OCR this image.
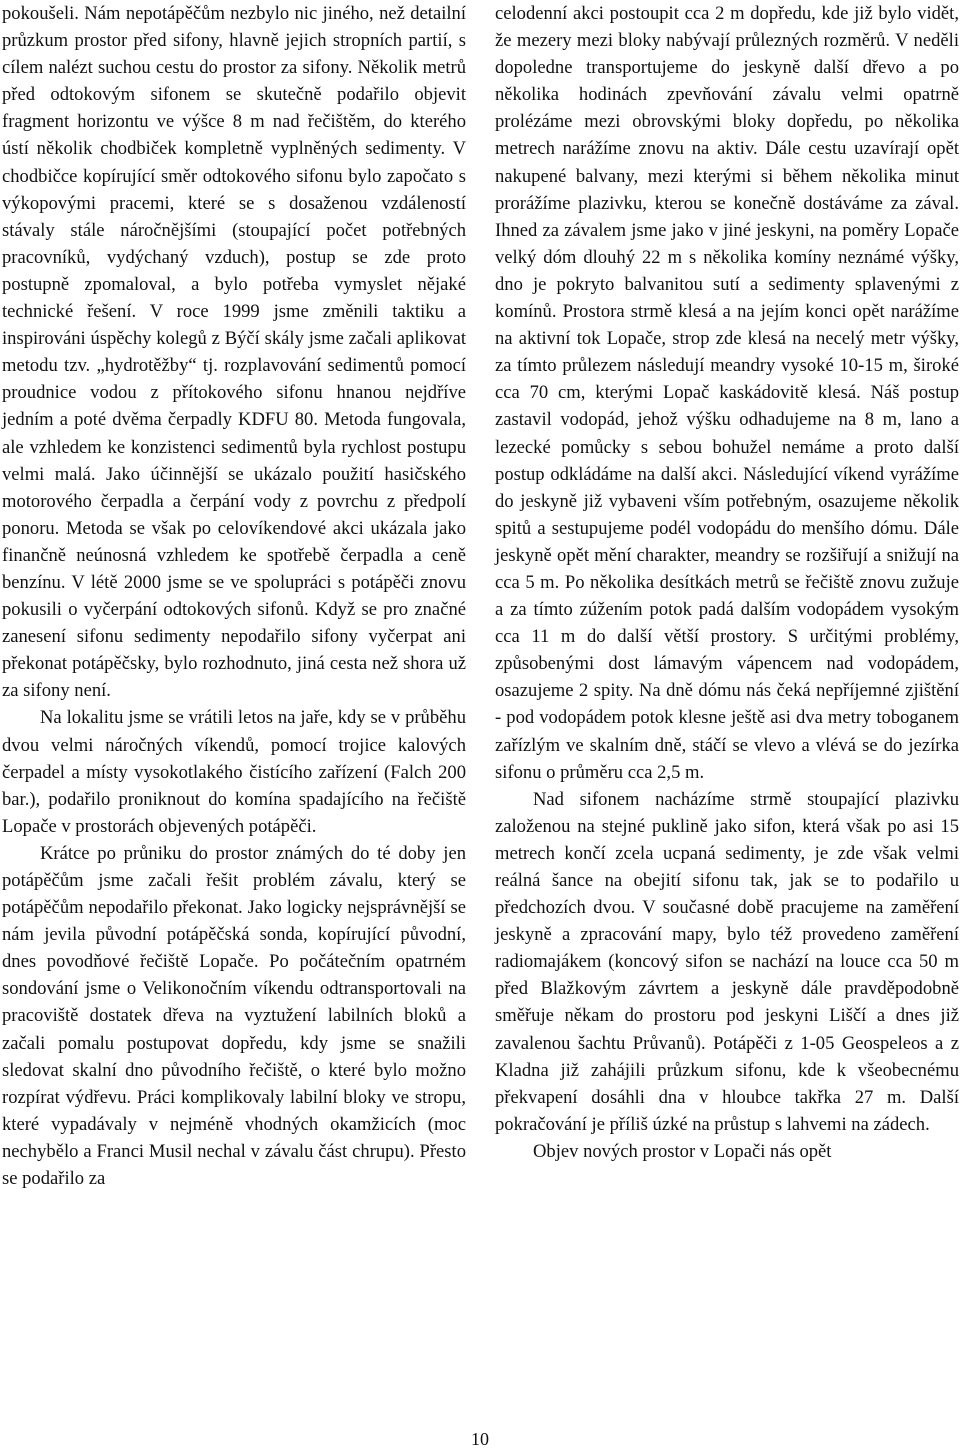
pokoušeli. Nám nepotápěčům nezbylo nic jiného, než detailní průzkum prostor před sifony, hlavně jejich stropních partií, s cílem nalézt suchou cestu do prostor za sifony. Několik metrů před odtokovým sifonem se skutečně podařilo objevit fragment horizontu ve výšce 8 m nad řečištěm, do kterého ústí několik chodbiček kompletně vyplněných sedimenty. V chodbičce kopírující směr odtokového sifonu bylo započato s výkopovými pracemi, které se s dosaženou vzdáleností stávaly stále náročnějšími (stoupající počet potřebných pracovníků, vydýchaný vzduch), postup se zde proto postupně zpomaloval, a bylo potřeba vymyslet nějaké technické řešení. V roce 1999 jsme změnili taktiku a inspirováni úspěchy kolegů z Býčí skály jsme začali aplikovat metodu tzv. „hydrotěžby“ tj. rozplavování sedimentů pomocí proudnice vodou z přítokového sifonu hnanou nejdříve jedním a poté dvěma čerpadly KDFU 80. Metoda fungovala, ale vzhledem ke konzistenci sedimentů byla rychlost postupu velmi malá. Jako účinnější se ukázalo použití hasičského motorového čerpadla a čerpání vody z povrchu z předpolí ponoru. Metoda se však po celovíkendové akci ukázala jako finančně neúnosná vzhledem ke spotřebě čerpadla a ceně benzínu. V létě 2000 jsme se ve spolupráci s potápěči znovu pokusili o vyčerpání odtokových sifonů. Když se pro značné zanesení sifonu sedimenty nepodařilo sifony vyčerpat ani překonat potápěčsky, bylo rozhodnuto, jiná cesta než shora už za sifony není.

Na lokalitu jsme se vrátili letos na jaře, kdy se v průběhu dvou velmi náročných víkendů, pomocí trojice kalových čerpadel a místy vysokotlakého čistícího zařízení (Falch 200 bar.), podařilo proniknout do komína spadajícího na řečiště Lopače v prostorách objevených potápěči.

Krátce po průniku do prostor známých do té doby jen potápěčům jsme začali řešit problém závalu, který se potápěčům nepodařilo překonat. Jako logicky nejsprávnější se nám jevila původní potápěčská sonda, kopírující původní, dnes povodňové řečiště Lopače. Po počátečním opatrném sondování jsme o Velikonočním víkendu odtransportovali na pracoviště dostatek dřeva na vyztužení labilních bloků a začali pomalu postupovat dopředu, kdy jsme se snažili sledovat skalní dno původního řečiště, o které bylo možno rozpírat výdřevu. Práci komplikovaly labilní bloky ve stropu, které vypadávaly v nejméně vhodných okamžicích (moc nechybělo a Franci Musil nechal v závalu část chrupu). Přesto se podařilo za

celodenní akci postoupit cca 2 m dopředu, kde již bylo vidět, že mezery mezi bloky nabývají průlezných rozměrů. V neděli dopoledne transportujeme do jeskyně další dřevo a po několika hodinách zpevňování závalu velmi opatrně prolézáme mezi obrovskými bloky dopředu, po několika metrech narážíme znovu na aktiv. Dále cestu uzavírají opět nakupené balvany, mezi kterými si během několika minut prorážíme plazivku, kterou se konečně dostáváme za zával. Ihned za závalem jsme jako v jiné jeskyni, na poměry Lopače velký dóm dlouhý 22 m s několika komíny neznámé výšky, dno je pokryto balvanitou sutí a sedimenty splavenými z komínů. Prostora strmě klesá a na jejím konci opět narážíme na aktivní tok Lopače, strop zde klesá na necelý metr výšky, za tímto průlezem následují meandry vysoké 10-15 m, široké cca 70 cm, kterými Lopač kaskádovitě klesá. Náš postup zastavil vodopád, jehož výšku odhadujeme na 8 m, lano a lezecké pomůcky s sebou bohužel nemáme a proto další postup odkládáme na další akci. Následující víkend vyrážíme do jeskyně již vybaveni vším potřebným, osazujeme několik spitů a sestupujeme podél vodopádu do menšího dómu. Dále jeskyně opět mění charakter, meandry se rozšiřují a snižují na cca 5 m. Po několika desítkách metrů se řečiště znovu zužuje a za tímto zúžením potok padá dalším vodopádem vysokým cca 11 m do další větší prostory. S určitými problémy, způsobenými dost lámavým vápencem nad vodopádem, osazujeme 2 spity. Na dně dómu nás čeká nepříjemné zjištění - pod vodopádem potok klesne ještě asi dva metry toboganem zařízlým ve skalním dně, stáčí se vlevo a vlévá se do jezírka sifonu o průměru cca 2,5 m.

Nad sifonem nacházíme strmě stoupající plazivku založenou na stejné puklině jako sifon, která však po asi 15 metrech končí zcela ucpaná sedimenty, je zde však velmi reálná šance na obejití sifonu tak, jak se to podařilo u předchozích dvou. V současné době pracujeme na zaměření jeskyně a zpracování mapy, bylo též provedeno zaměření radiomajákem (koncový sifon se nachází na louce cca 50 m před Blažkovým závrtem a jeskyně dále pravděpodobně směřuje někam do prostoru pod jeskyni Liščí a dnes již zavalenou šachtu Průvanů). Potápěči z 1-05 Geospeleos a z Kladna již zahájili průzkum sifonu, kde k všeobecnému překvapení dosáhli dna v hloubce takřka 27 m. Další pokračování je příliš úzké na průstup s lahvemi na zádech.

Objev nových prostor v Lopači nás opět

10
